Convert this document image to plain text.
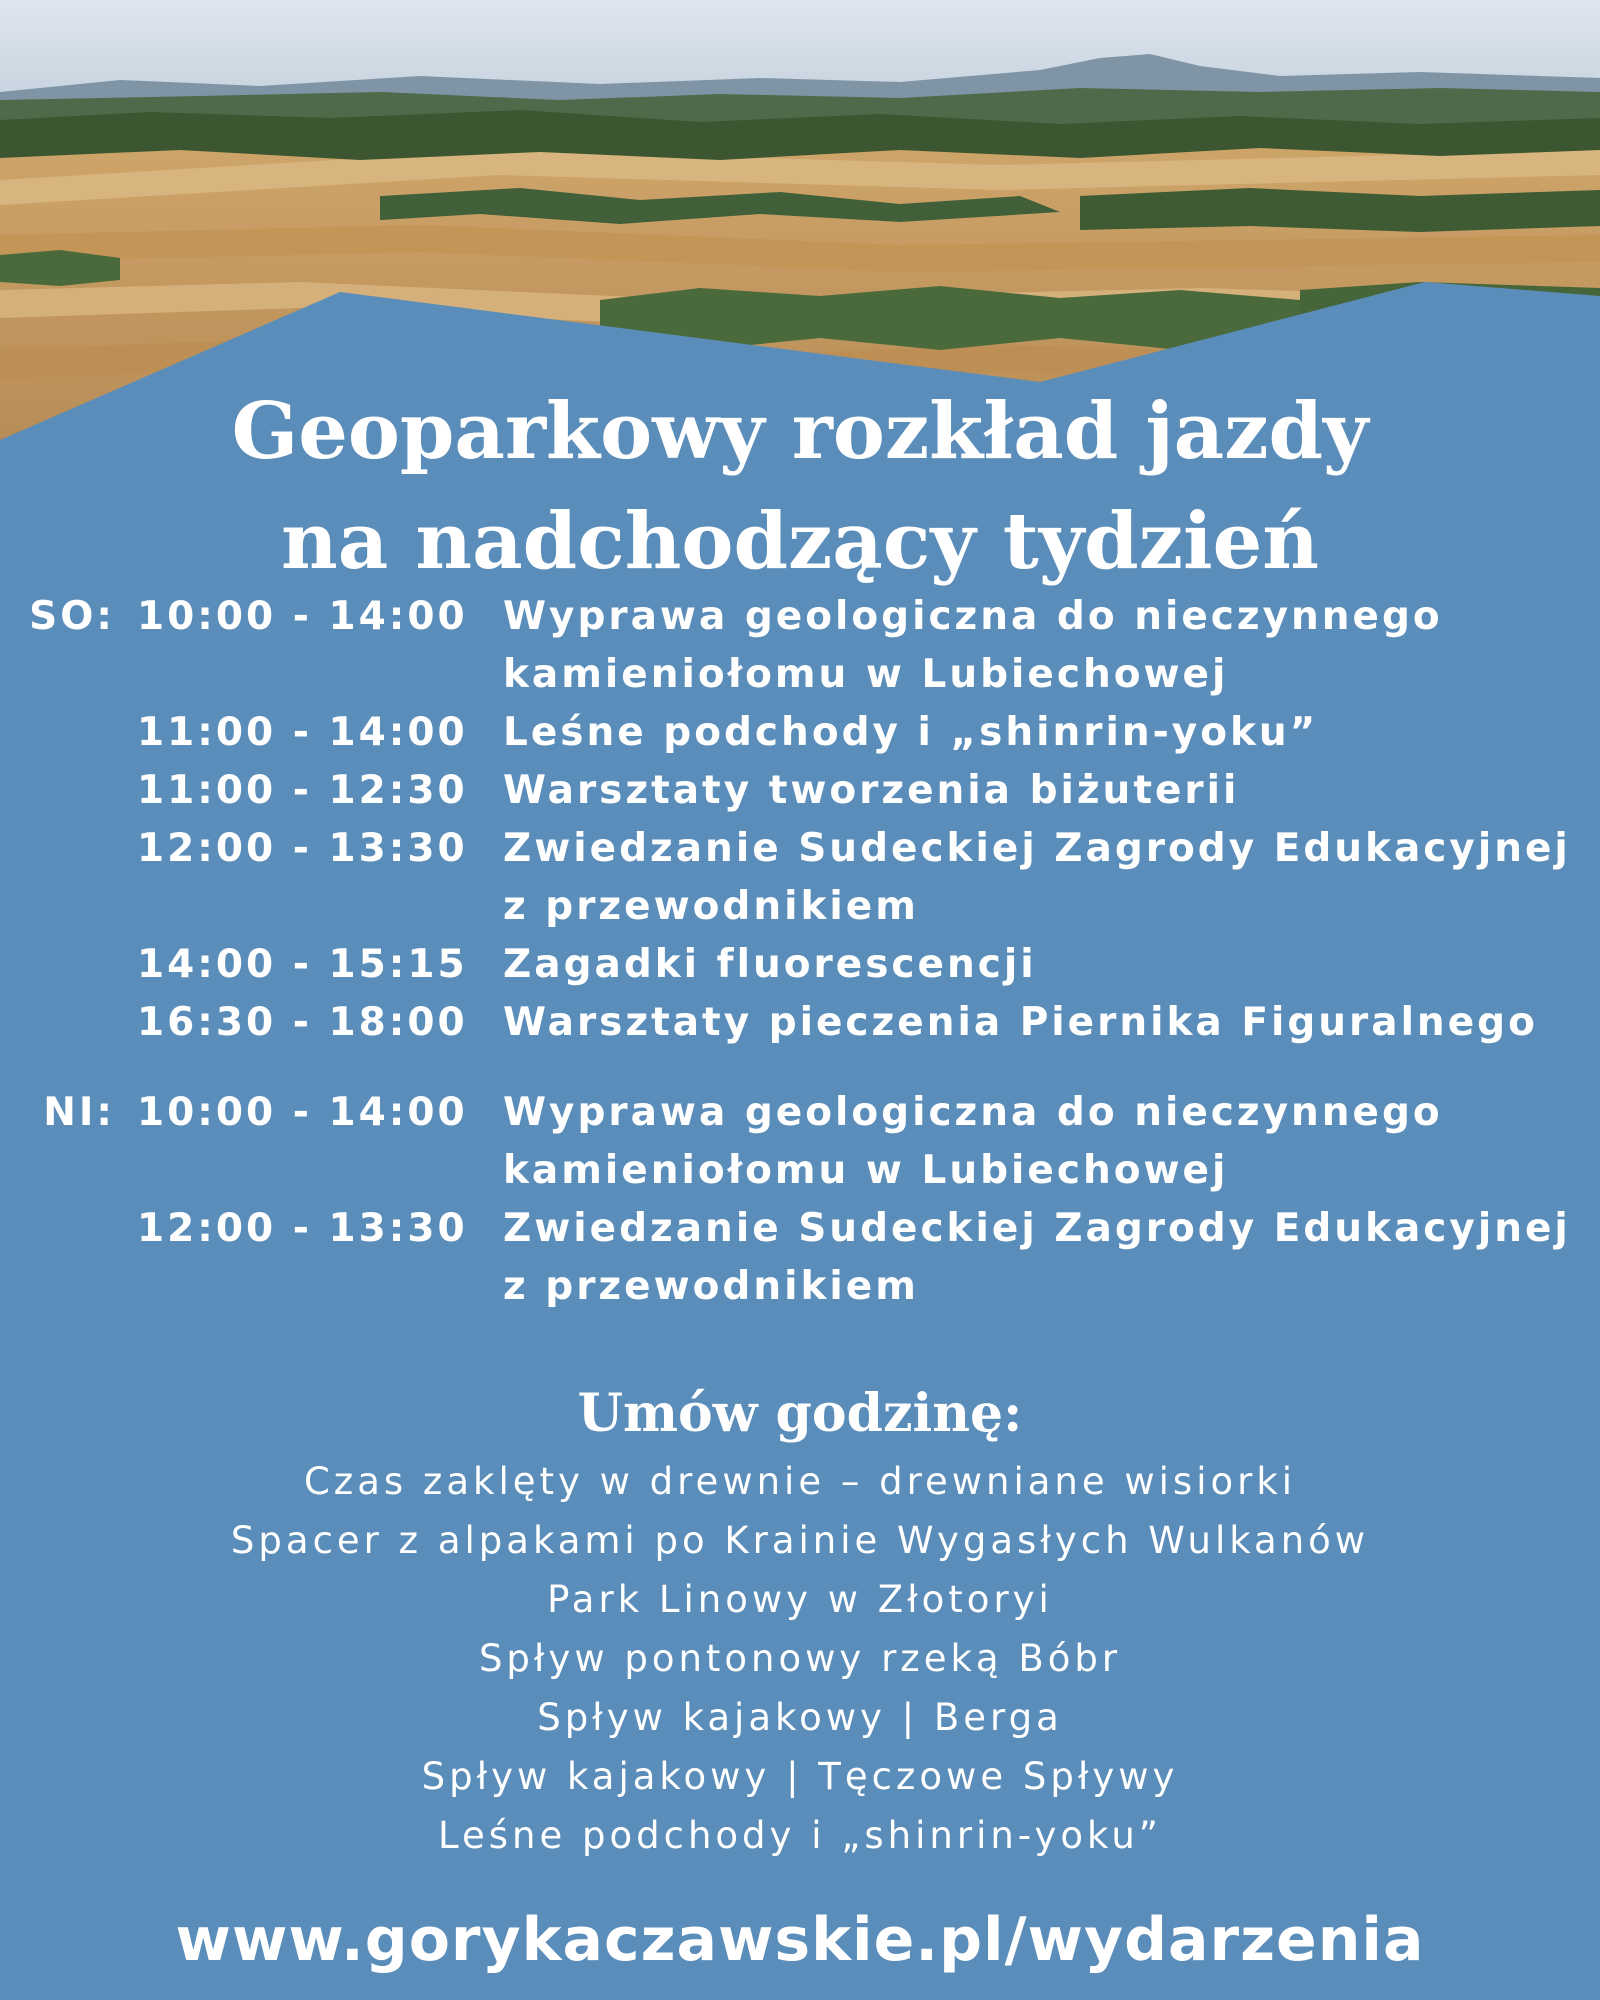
Geoparkowy rozkład jazdy
na nadchodzący tydzień
SO: 10:00 - 14:00 Wyprawa geologiczna do nieczynnego kamieniołomu w Lubiechowej
11:00 - 14:00 Leśne podchody i „shinrin-yoku”
11:00 - 12:30 Warsztaty tworzenia biżuterii
12:00 - 13:30 Zwiedzanie Sudeckiej Zagrody Edukacyjnej z przewodnikiem
14:00 - 15:15 Zagadki fluorescencji
16:30 - 18:00 Warsztaty pieczenia Piernika Figuralnego
NI: 10:00 - 14:00 Wyprawa geologiczna do nieczynnego kamieniołomu w Lubiechowej
12:00 - 13:30 Zwiedzanie Sudeckiej Zagrody Edukacyjnej z przewodnikiem
Umów godzinę:
Czas zaklęty w drewnie – drewniane wisiorki
Spacer z alpakami po Krainie Wygasłych Wulkanów
Park Linowy w Złotoryi
Spływ pontonowy rzeką Bóbr
Spływ kajakowy | Berga
Spływ kajakowy | Tęczowe Spływy
Leśne podchody i „shinrin-yoku”
www.gorykaczawskie.pl/wydarzenia
